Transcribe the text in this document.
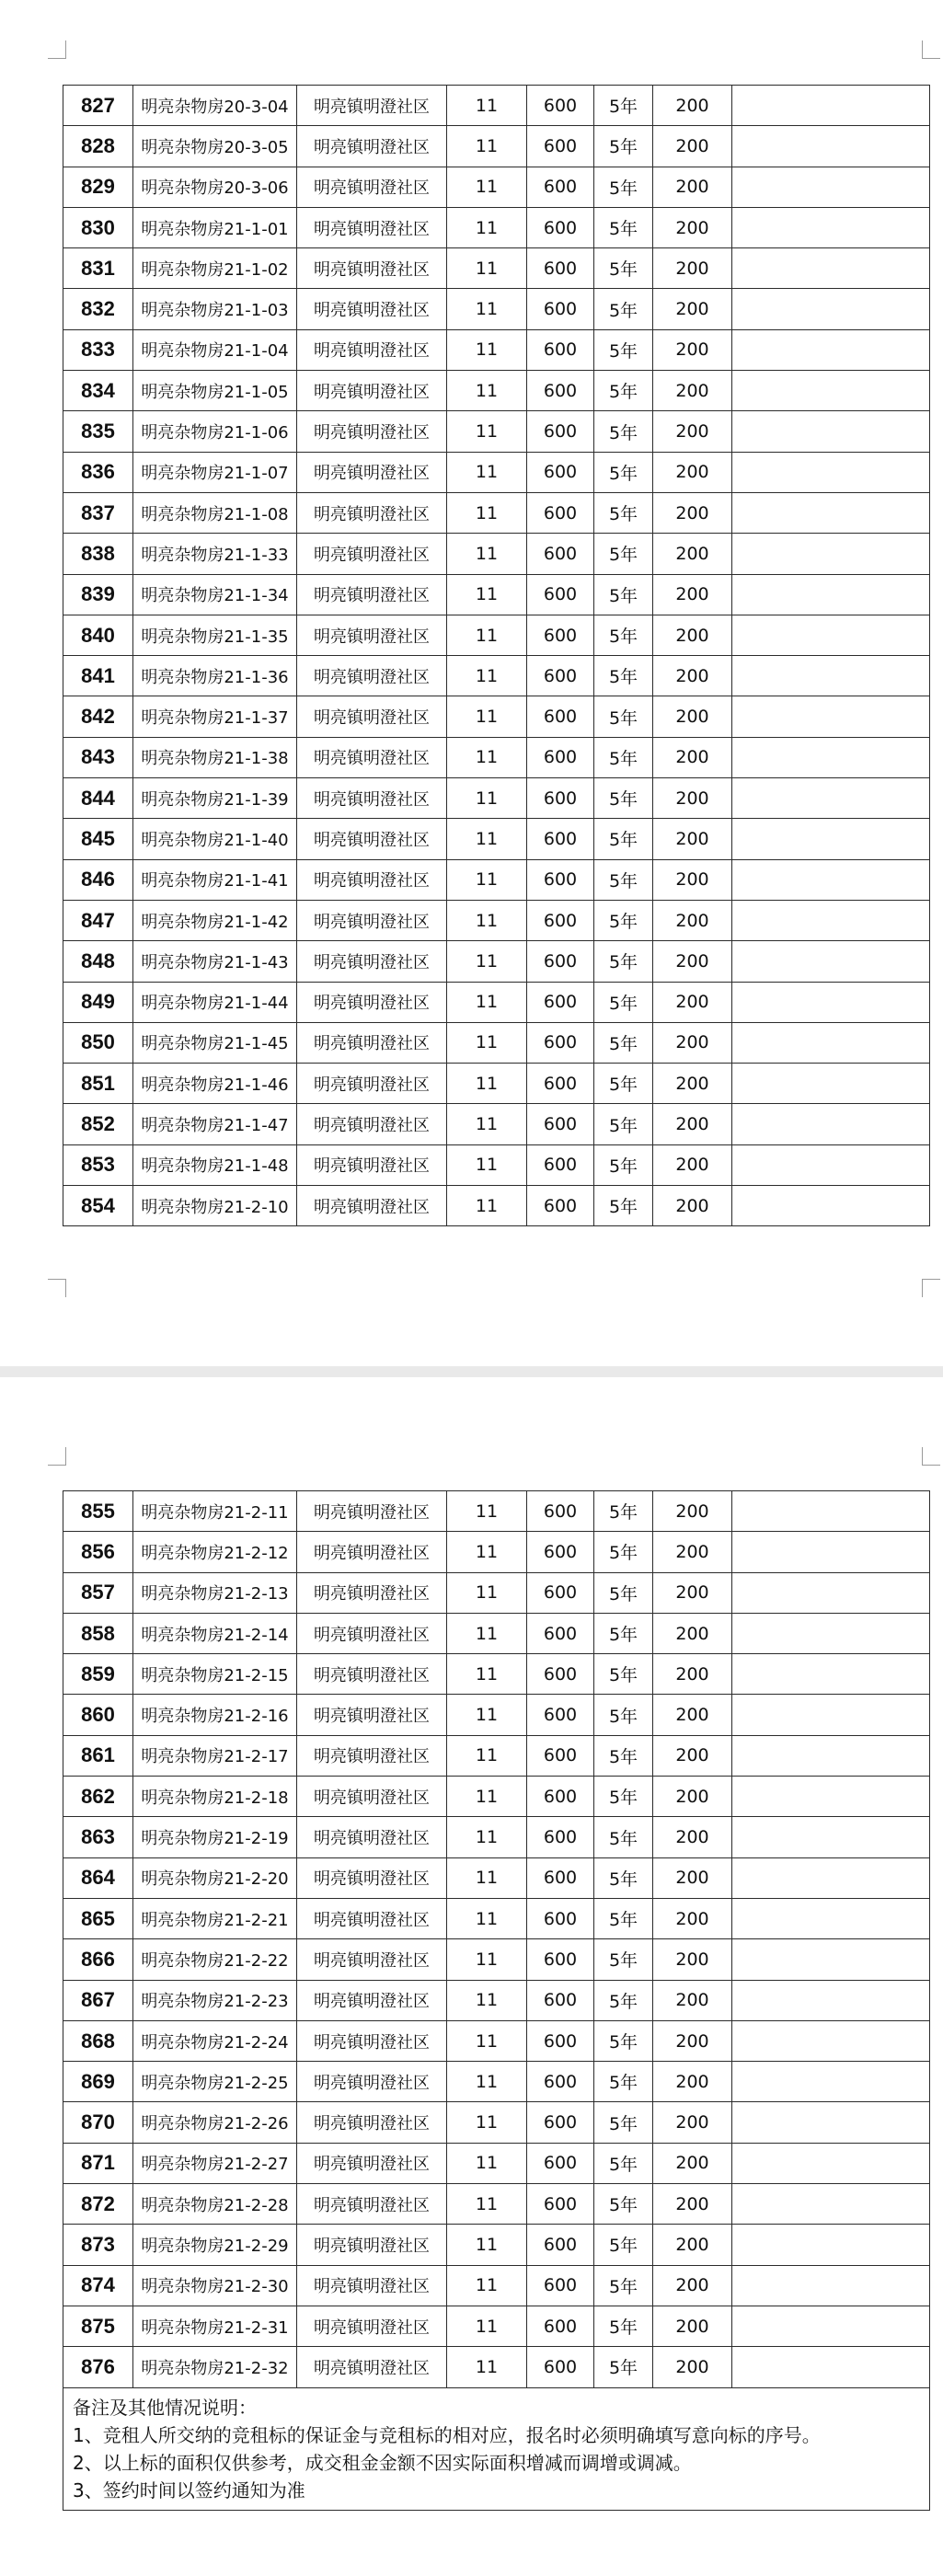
827	明亮杂物房20-3-04	明亮镇明澄社区	11	600	5年	200	
828	明亮杂物房20-3-05	明亮镇明澄社区	11	600	5年	200	
829	明亮杂物房20-3-06	明亮镇明澄社区	11	600	5年	200	
830	明亮杂物房21-1-01	明亮镇明澄社区	11	600	5年	200	
831	明亮杂物房21-1-02	明亮镇明澄社区	11	600	5年	200	
832	明亮杂物房21-1-03	明亮镇明澄社区	11	600	5年	200	
833	明亮杂物房21-1-04	明亮镇明澄社区	11	600	5年	200	
834	明亮杂物房21-1-05	明亮镇明澄社区	11	600	5年	200	
835	明亮杂物房21-1-06	明亮镇明澄社区	11	600	5年	200	
836	明亮杂物房21-1-07	明亮镇明澄社区	11	600	5年	200	
837	明亮杂物房21-1-08	明亮镇明澄社区	11	600	5年	200	
838	明亮杂物房21-1-33	明亮镇明澄社区	11	600	5年	200	
839	明亮杂物房21-1-34	明亮镇明澄社区	11	600	5年	200	
840	明亮杂物房21-1-35	明亮镇明澄社区	11	600	5年	200	
841	明亮杂物房21-1-36	明亮镇明澄社区	11	600	5年	200	
842	明亮杂物房21-1-37	明亮镇明澄社区	11	600	5年	200	
843	明亮杂物房21-1-38	明亮镇明澄社区	11	600	5年	200	
844	明亮杂物房21-1-39	明亮镇明澄社区	11	600	5年	200	
845	明亮杂物房21-1-40	明亮镇明澄社区	11	600	5年	200	
846	明亮杂物房21-1-41	明亮镇明澄社区	11	600	5年	200	
847	明亮杂物房21-1-42	明亮镇明澄社区	11	600	5年	200	
848	明亮杂物房21-1-43	明亮镇明澄社区	11	600	5年	200	
849	明亮杂物房21-1-44	明亮镇明澄社区	11	600	5年	200	
850	明亮杂物房21-1-45	明亮镇明澄社区	11	600	5年	200	
851	明亮杂物房21-1-46	明亮镇明澄社区	11	600	5年	200	
852	明亮杂物房21-1-47	明亮镇明澄社区	11	600	5年	200	
853	明亮杂物房21-1-48	明亮镇明澄社区	11	600	5年	200	
854	明亮杂物房21-2-10	明亮镇明澄社区	11	600	5年	200	
855	明亮杂物房21-2-11	明亮镇明澄社区	11	600	5年	200	
856	明亮杂物房21-2-12	明亮镇明澄社区	11	600	5年	200	
857	明亮杂物房21-2-13	明亮镇明澄社区	11	600	5年	200	
858	明亮杂物房21-2-14	明亮镇明澄社区	11	600	5年	200	
859	明亮杂物房21-2-15	明亮镇明澄社区	11	600	5年	200	
860	明亮杂物房21-2-16	明亮镇明澄社区	11	600	5年	200	
861	明亮杂物房21-2-17	明亮镇明澄社区	11	600	5年	200	
862	明亮杂物房21-2-18	明亮镇明澄社区	11	600	5年	200	
863	明亮杂物房21-2-19	明亮镇明澄社区	11	600	5年	200	
864	明亮杂物房21-2-20	明亮镇明澄社区	11	600	5年	200	
865	明亮杂物房21-2-21	明亮镇明澄社区	11	600	5年	200	
866	明亮杂物房21-2-22	明亮镇明澄社区	11	600	5年	200	
867	明亮杂物房21-2-23	明亮镇明澄社区	11	600	5年	200	
868	明亮杂物房21-2-24	明亮镇明澄社区	11	600	5年	200	
869	明亮杂物房21-2-25	明亮镇明澄社区	11	600	5年	200	
870	明亮杂物房21-2-26	明亮镇明澄社区	11	600	5年	200	
871	明亮杂物房21-2-27	明亮镇明澄社区	11	600	5年	200	
872	明亮杂物房21-2-28	明亮镇明澄社区	11	600	5年	200	
873	明亮杂物房21-2-29	明亮镇明澄社区	11	600	5年	200	
874	明亮杂物房21-2-30	明亮镇明澄社区	11	600	5年	200	
875	明亮杂物房21-2-31	明亮镇明澄社区	11	600	5年	200	
876	明亮杂物房21-2-32	明亮镇明澄社区	11	600	5年	200	

备注及其他情况说明：
1、竞租人所交纳的竞租标的保证金与竞租标的相对应，报名时必须明确填写意向标的序号。
2、以上标的面积仅供参考，成交租金金额不因实际面积增减而调增或调减。
3、签约时间以签约通知为准							
